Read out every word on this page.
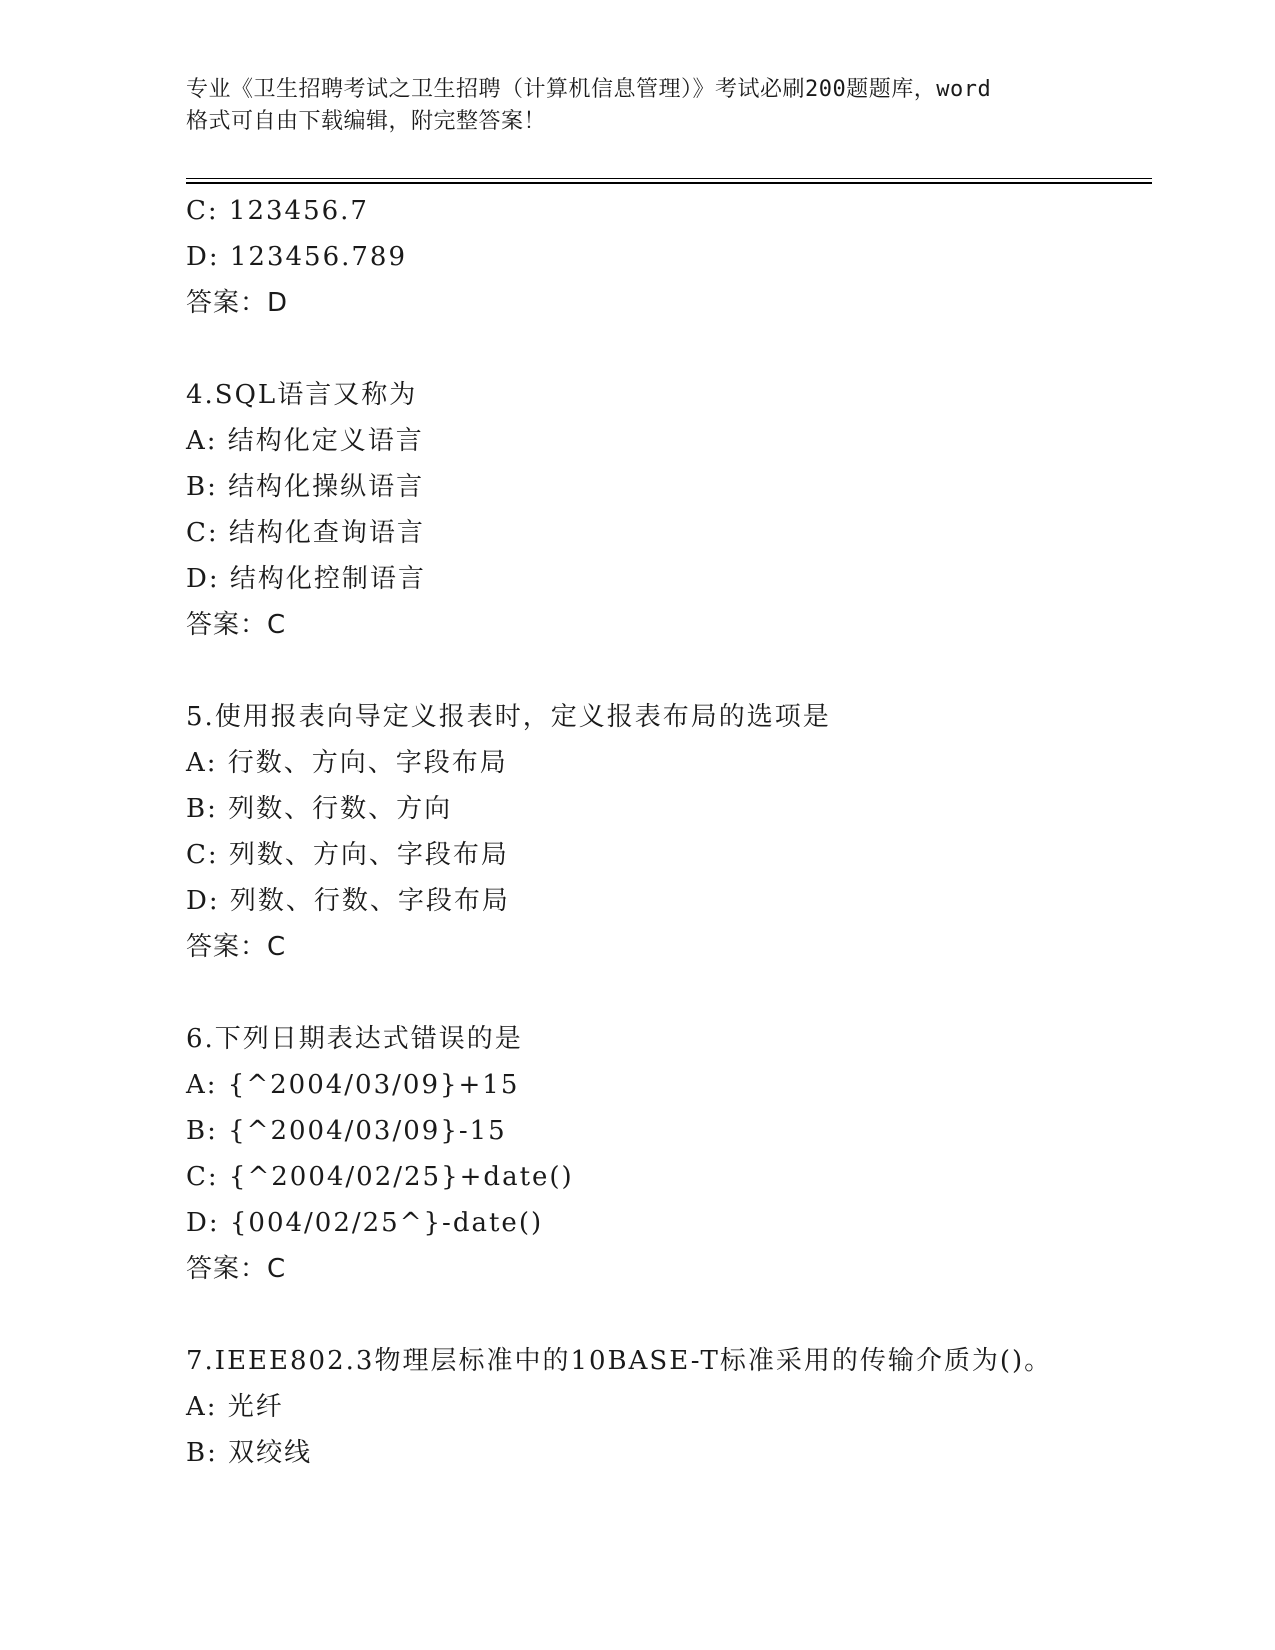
专业《卫生招聘考试之卫生招聘（计算机信息管理）》考试必刷200题题库，word
格式可自由下载编辑，附完整答案！
C: 123456.7
D: 123456.789
答案：D
4.SQL语言又称为
A: 结构化定义语言
B: 结构化操纵语言
C: 结构化查询语言
D: 结构化控制语言
答案：C
5.使用报表向导定义报表时，定义报表布局的选项是
A: 行数、方向、字段布局
B: 列数、行数、方向
C: 列数、方向、字段布局
D: 列数、行数、字段布局
答案：C
6.下列日期表达式错误的是
A: {^2004/03/09}+15
B: {^2004/03/09}-15
C: {^2004/02/25}+date()
D: {004/02/25^}-date()
答案：C
7.IEEE802.3物理层标准中的10BASE-T标准采用的传输介质为()。
A: 光纤
B: 双绞线
